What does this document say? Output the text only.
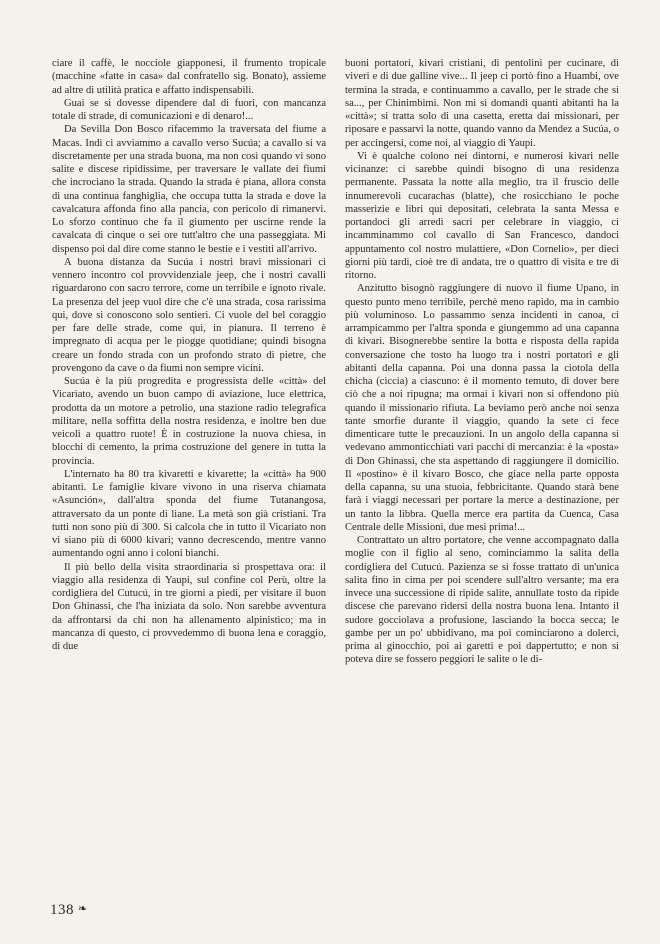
ciare il caffè, le nocciole giapponesi, il frumento tropicale (macchine «fatte in casa» dal confratello sig. Bonato), assieme ad altre di utilità pratica e affatto indispensabili.

Guai se si dovesse dipendere dal di fuori, con mancanza totale di strade, di comunicazioni e di denaro!...

Da Sevilla Don Bosco rifacemmo la traversata del fiume a Macas. Indi ci avviammo a cavallo verso Sucúa; a cavallo si va discretamente per una strada buona, ma non così quando vi sono salite e discese ripidissime, per traversare le vallate dei fiumi che incrociano la strada. Quando la strada è piana, allora consta di una continua fanghiglia, che occupa tutta la strada e dove la cavalcatura affonda fino alla pancia, con pericolo di rimanervi. Lo sforzo continuo che fa il giumento per uscirne rende la cavalcata di cinque o sei ore tutt'altro che una passeggiata. Mi dispenso poi dal dire come stanno le bestie e i vestiti all'arrivo.

A buona distanza da Sucúa i nostri bravi missionari ci vennero incontro col provvidenziale jeep, che i nostri cavalli riguardarono con sacro terrore, come un terribile e ignoto rivale. La presenza del jeep vuol dire che c'è una strada, cosa rarissima qui, dove si conoscono solo sentieri. Ci vuole del bel coraggio per fare delle strade, come qui, in pianura. Il terreno è impregnato di acqua per le piogge quotidiane; quindi bisogna creare un fondo strada con un profondo strato di pietre, che provengono da cave o da fiumi non sempre vicini.

Sucúa è la più progredita e progressista delle «città» del Vicariato, avendo un buon campo di aviazione, luce elettrica, prodotta da un motore a petrolio, una stazione radio telegrafica militare, nella soffitta della nostra residenza, e inoltre ben due veicoli a quattro ruote! È in costruzione la nuova chiesa, in blocchi di cemento, la prima costruzione del genere in tutta la provincia.

L'internato ha 80 tra kivaretti e kivarette; la «città» ha 900 abitanti. Le famiglie kivare vivono in una riserva chiamata «Asunción», dall'altra sponda del fiume Tutanangosa, attraversato da un ponte di liane. La metà son già cristiani. Tra tutti non sono più di 300. Si calcola che in tutto il Vicariato non vi siano più di 6000 kivari; vanno decrescendo, mentre vanno aumentando ogni anno i coloni bianchi.

Il più bello della visita straordinaria si prospettava ora: il viaggio alla residenza di Yaupi, sul confine col Perù, oltre la cordigliera del Cutucú, in tre giorni a piedi, per visitare il buon Don Ghinassi, che l'ha iniziata da solo. Non sarebbe avventura da affrontarsi da chi non ha allenamento alpinistico; ma in mancanza di questo, ci provvedemmo di buona lena e coraggio, di due

buoni portatori, kivari cristiani, di pentolini per cucinare, di viveri e di due galline vive... Il jeep ci portò fino a Huambi, ove termina la strada, e continuammo a cavallo, per le strade che si sa..., per Chinimbimi. Non mi si domandi quanti abitanti ha la «città»; si tratta solo di una casetta, eretta dai missionari, per riposare e passarvi la notte, quando vanno da Mendez a Sucúa, o per accingersi, come noi, al viaggio di Yaupi.

Vi è qualche colono nei dintorni, e numerosi kivari nelle vicinanze: ci sarebbe quindi bisogno di una residenza permanente. Passata la notte alla meglio, tra il fruscio delle innumerevoli cucarachas (blatte), che rosicchiano le poche masserizie e libri qui depositati, celebrata la santa Messa e portandoci gli arredi sacri per celebrare in viaggio, ci incamminammo col cavallo di San Francesco, dandoci appuntamento col nostro mulattiere, «Don Cornelio», per dieci giorni più tardi, cioè tre di andata, tre o quattro di visita e tre di ritorno.

Anzitutto bisognò raggiungere di nuovo il fiume Upano, in questo punto meno terribile, perchè meno rapido, ma in cambio più voluminoso. Lo passammo senza incidenti in canoa, ci arrampicammo per l'altra sponda e giungemmo ad una capanna di kivari. Bisognerebbe sentire la botta e risposta della rapida conversazione che tosto ha luogo tra i nostri portatori e gli abitanti della capanna. Poi una donna passa la ciotola della chicha (ciccia) a ciascuno: è il momento temuto, di dover bere ciò che a noi ripugna; ma ormai i kivari non si offendono più quando il missionario rifiuta. La beviamo però anche noi senza tante smorfie durante il viaggio, quando la sete ci fece dimenticare tutte le precauzioni. In un angolo della capanna si vedevano ammonticchiati vari pacchi di mercanzia: è la «posta» di Don Ghinassi, che sta aspettando di raggiungere il domicilio. Il «postino» è il kivaro Bosco, che giace nella parte opposta della capanna, su una stuoia, febbricitante. Quando starà bene farà i viaggi necessari per portare la merce a destinazione, per un tanto la libbra. Quella merce era partita da Cuenca, Casa Centrale delle Missioni, due mesi prima!...

Contrattato un altro portatore, che venne accompagnato dalla moglie con il figlio al seno, cominciammo la salita della cordigliera del Cutucú. Pazienza se si fosse trattato di un'unica salita fino in cima per poi scendere sull'altro versante; ma era invece una successione di ripide salite, annullate tosto da ripide discese che parevano ridersi della nostra buona lena. Intanto il sudore gocciolava a profusione, lasciando la bocca secca; le gambe per un po' ubbidivano, ma poi cominciarono a dolerci, prima al ginocchio, poi ai garetti e poi dappertutto; e non si poteva dire se fossero peggiori le salite o le di-

138 ❧
